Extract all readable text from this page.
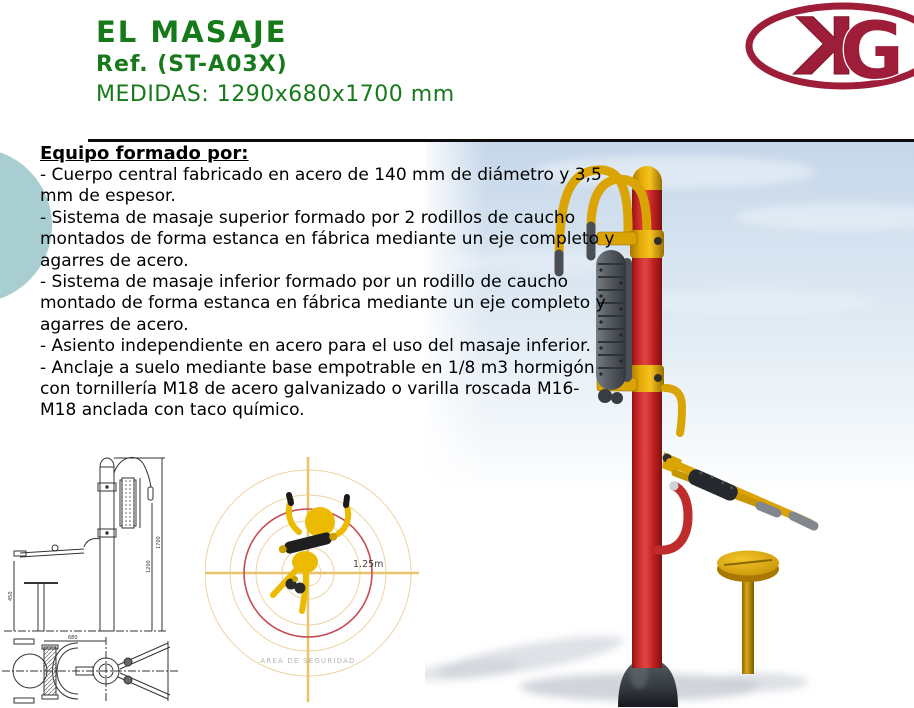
EL MASAJE
Ref. (ST-A03X)
MEDIDAS: 1290x680x1700 mm
K
G
Equipo formado por:

- Cuerpo central fabricado en acero de 140 mm de diámetro y 3,5 mm de espesor.

- Sistema de masaje superior formado por 2 rodillos de caucho montados de forma estanca en fábrica mediante un eje completo y agarres de acero.

- Sistema de masaje inferior formado por un rodillo de caucho montado de forma estanca en fábrica mediante un eje completo y agarres de acero.

- Asiento independiente en acero para el uso del masaje inferior.

- Anclaje a suelo mediante base empotrable en 1/8 m3 hormigón con tornillería M18 de acero galvanizado o varilla roscada M16-M18 anclada con taco químico.

1700
1200
450
680
1.25m
AREA DE SEGURIDAD
